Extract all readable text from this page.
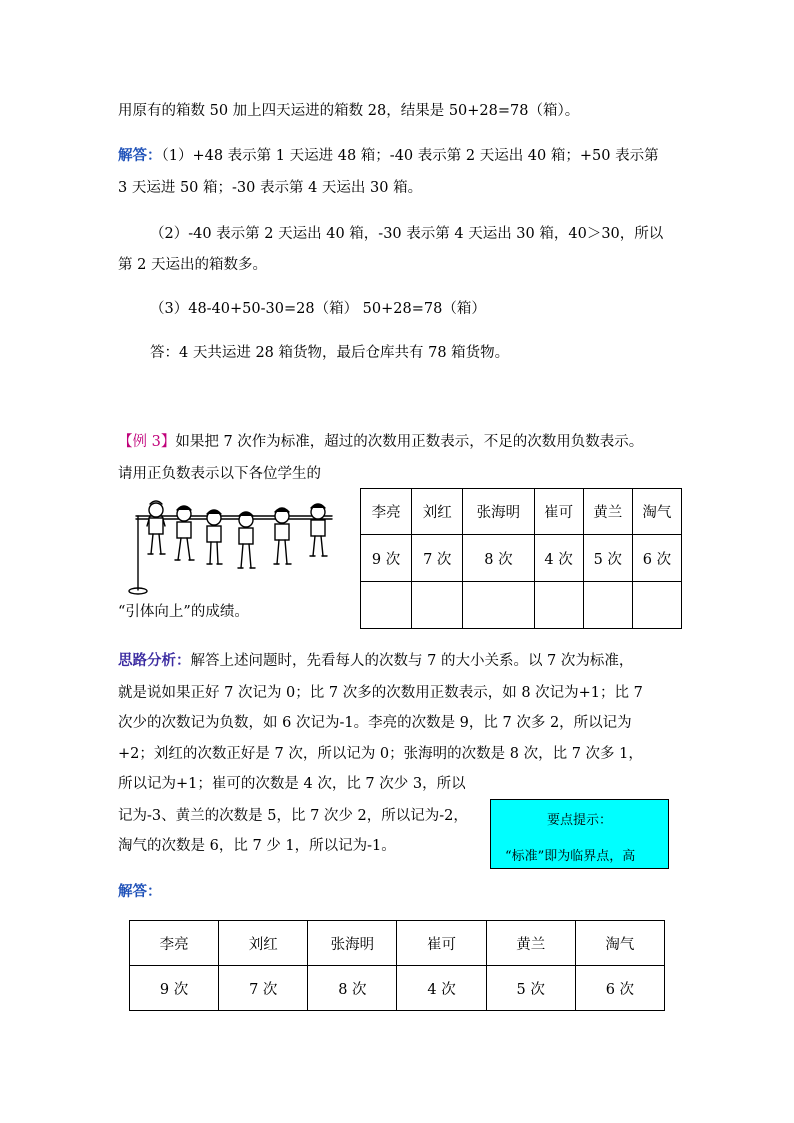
用原有的箱数 50 加上四天运进的箱数 28，结果是 50+28=78（箱）。
解答：（1）+48 表示第 1 天运进 48 箱；-40 表示第 2 天运出 40 箱；+50 表示第
3 天运进 50 箱；-30 表示第 4 天运出 30 箱。
（2）-40 表示第 2 天运出 40 箱，-30 表示第 4 天运出 30 箱，40＞30，所以
第 2 天运出的箱数多。
（3）48-40+50-30=28（箱） 50+28=78（箱）
答：4 天共运进 28 箱货物，最后仓库共有 78 箱货物。
【例 3】如果把 7 次作为标准，超过的次数用正数表示，不足的次数用负数表示。
请用正负数表示以下各位学生的
“引体向上”的成绩。
李亮	刘红	张海明	崔可	黄兰	淘气
9 次	7 次	8 次	4 次	5 次	6 次

思路分析：解答上述问题时，先看每人的次数与 7 的大小关系。以 7 次为标准，
就是说如果正好 7 次记为 0；比 7 次多的次数用正数表示，如 8 次记为+1；比 7
次少的次数记为负数，如 6 次记为-1。李亮的次数是 9，比 7 次多 2，所以记为
+2；刘红的次数正好是 7 次，所以记为 0；张海明的次数是 8 次，比 7 次多 1，
所以记为+1；崔可的次数是 4 次，比 7 次少 3，所以
记为-3、黄兰的次数是 5，比 7 次少 2，所以记为-2，
淘气的次数是 6，比 7 少 1，所以记为-1。
要点提示：
“标准”即为临界点，高
解答：
李亮	刘红	张海明	崔可	黄兰	淘气
9 次	7 次	8 次	4 次	5 次	6 次
